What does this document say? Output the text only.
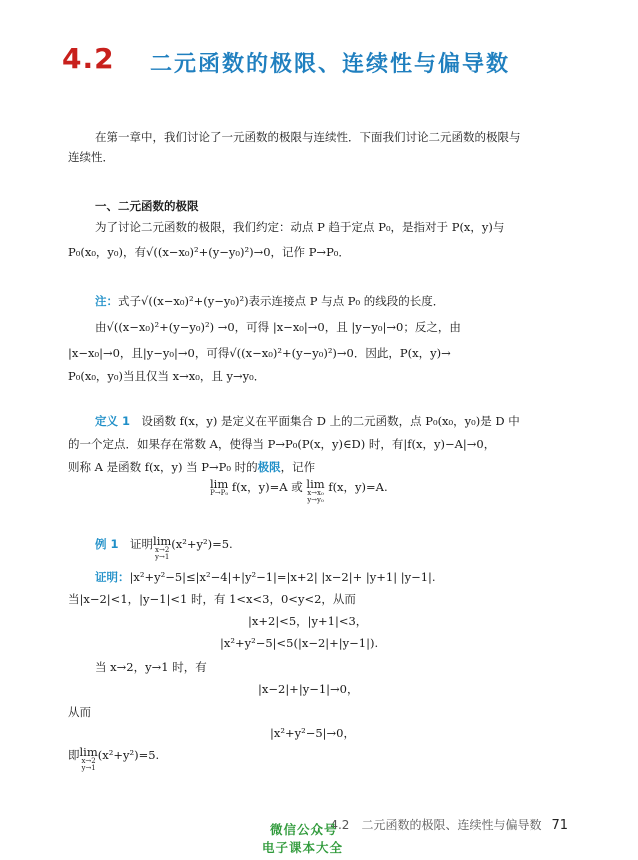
4.2 二元函数的极限、连续性与偏导数
在第一章中，我们讨论了一元函数的极限与连续性．下面我们讨论二元函数的极限与
连续性．
一、二元函数的极限
为了讨论二元函数的极限，我们约定：动点 P 趋于定点 P₀，是指对于 P(x，y)与
P₀(x₀，y₀)，有√((x−x₀)²+(y−y₀)²)→0，记作 P→P₀．
注：式子√((x−x₀)²+(y−y₀)²)表示连接点 P 与点 P₀ 的线段的长度．
由√((x−x₀)²+(y−y₀)²) →0，可得 |x−x₀|→0，且 |y−y₀|→0；反之，由
|x−x₀|→0，且|y−y₀|→0，可得√((x−x₀)²+(y−y₀)²)→0．因此，P(x，y)→
P₀(x₀，y₀)当且仅当 x→x₀，且 y→y₀．
定义 1　 设函数 f(x，y) 是定义在平面集合 D 上的二元函数，点 P₀(x₀，y₀)是 D 中
的一个定点．如果存在常数 A，使得当 P→P₀(P(x，y)∈D) 时，有|f(x，y)−A|→0，
则称 A 是函数 f(x，y) 当 P→P₀ 时的极限，记作
lim
P→P₀ f(x，y)=A 或 lim
x→x₀
y→y₀
f(x，y)=A.
例 1　 证明lim
x→2
y→1
(x²+y²)=5.
证明：|x²+y²−5|≤|x²−4|+|y²−1|=|x+2| |x−2|+ |y+1| |y−1|.
当|x−2|<1，|y−1|<1 时，有 1<x<3，0<y<2，从而
|x+2|<5，|y+1|<3，
|x²+y²−5|<5(|x−2|+|y−1|).
当 x→2，y→1 时，有
|x−2|+|y−1|→0，
从而
|x²+y²−5|→0，
即lim
x→2
y→1
(x²+y²)=5.
4.2　二元函数的极限、连续性与偏导数 71
微信公众号
电子课本大全
